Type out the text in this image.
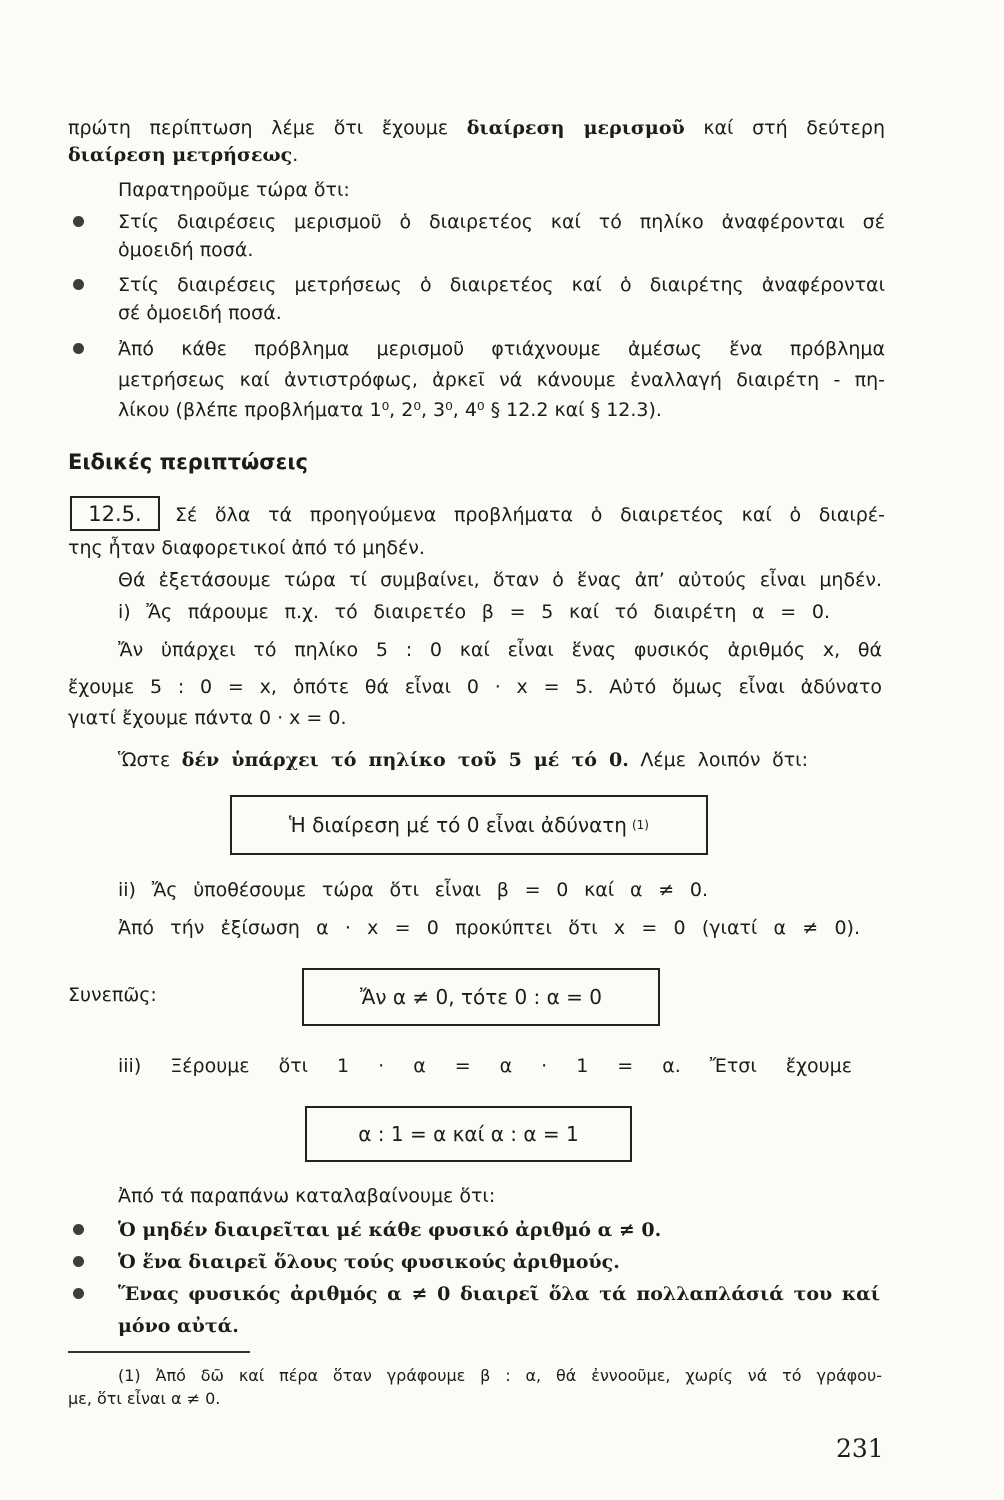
πρώτη περίπτωση λέμε ὅτι ἔχουμε διαίρεση μερισμοῦ καί στή δεύτερη

διαίρεση μετρήσεως.

Παρατηροῦμε τώρα ὅτι:

Στίς διαιρέσεις μερισμοῦ ὁ διαιρετέος καί τό πηλίκο ἀναφέρονται σέ

ὁμοειδή ποσά.

Στίς διαιρέσεις μετρήσεως ὁ διαιρετέος καί ὁ διαιρέτης ἀναφέρονται

σέ ὁμοειδή ποσά.

Ἀπό κάθε πρόβλημα μερισμοῦ φτιάχνουμε ἀμέσως ἕνα πρόβλημα

μετρήσεως καί ἀντιστρόφως, ἀρκεῖ νά κάνουμε ἐναλλαγή διαιρέτη - πη-

λίκου (βλέπε προβλήματα 1⁰, 2⁰, 3⁰, 4⁰ § 12.2 καί § 12.3).

Ειδικές περιπτώσεις

12.5. Σέ ὅλα τά προηγούμενα προβλήματα ὁ διαιρετέος καί ὁ διαιρέ-

της ἦταν διαφορετικοί ἀπό τό μηδέν.

Θά ἐξετάσουμε τώρα τί συμβαίνει, ὅταν ὁ ἕνας ἀπ’ αὐτούς εἶναι μηδέν.

i) Ἄς πάρουμε π.χ. τό διαιρετέο β = 5 καί τό διαιρέτη α = 0.

Ἄν ὑπάρχει τό πηλίκο 5 : 0 καί εἶναι ἕνας φυσικός ἀριθμός x, θά

ἔχουμε 5 : 0 = x, ὁπότε θά εἶναι 0 · x = 5. Αὐτό ὅμως εἶναι ἀδύνατο

γιατί ἔχουμε πάντα 0 · x = 0.

Ὥστε δέν ὑπάρχει τό πηλίκο τοῦ 5 μέ τό 0. Λέμε λοιπόν ὅτι:

Ἡ διαίρεση μέ τό 0 εἶναι ἀδύνατη (1)

ii) Ἄς ὑποθέσουμε τώρα ὅτι εἶναι β = 0 καί α ≠ 0.

Ἀπό τήν ἐξίσωση α · x = 0 προκύπτει ὅτι x = 0 (γιατί α ≠ 0).

Συνεπῶς:	Ἄν α ≠ 0, τότε 0 : α = 0

iii) Ξέρουμε ὅτι 1 · α = α · 1 = α. Ἔτσι ἔχουμε

α : 1 = α καί α : α = 1

Ἀπό τά παραπάνω καταλαβαίνουμε ὅτι:

Ὁ μηδέν διαιρεῖται μέ κάθε φυσικό ἀριθμό α ≠ 0.

Ὁ ἕνα διαιρεῖ ὅλους τούς φυσικούς ἀριθμούς.

Ἕνας φυσικός ἀριθμός α ≠ 0 διαιρεῖ ὅλα τά πολλαπλάσιά του καί

μόνο αὐτά.

(1) Ἀπό δῶ καί πέρα ὅταν γράφουμε β : α, θά ἐννοοῦμε, χωρίς νά τό γράφου-

με, ὅτι εἶναι α ≠ 0.

231
